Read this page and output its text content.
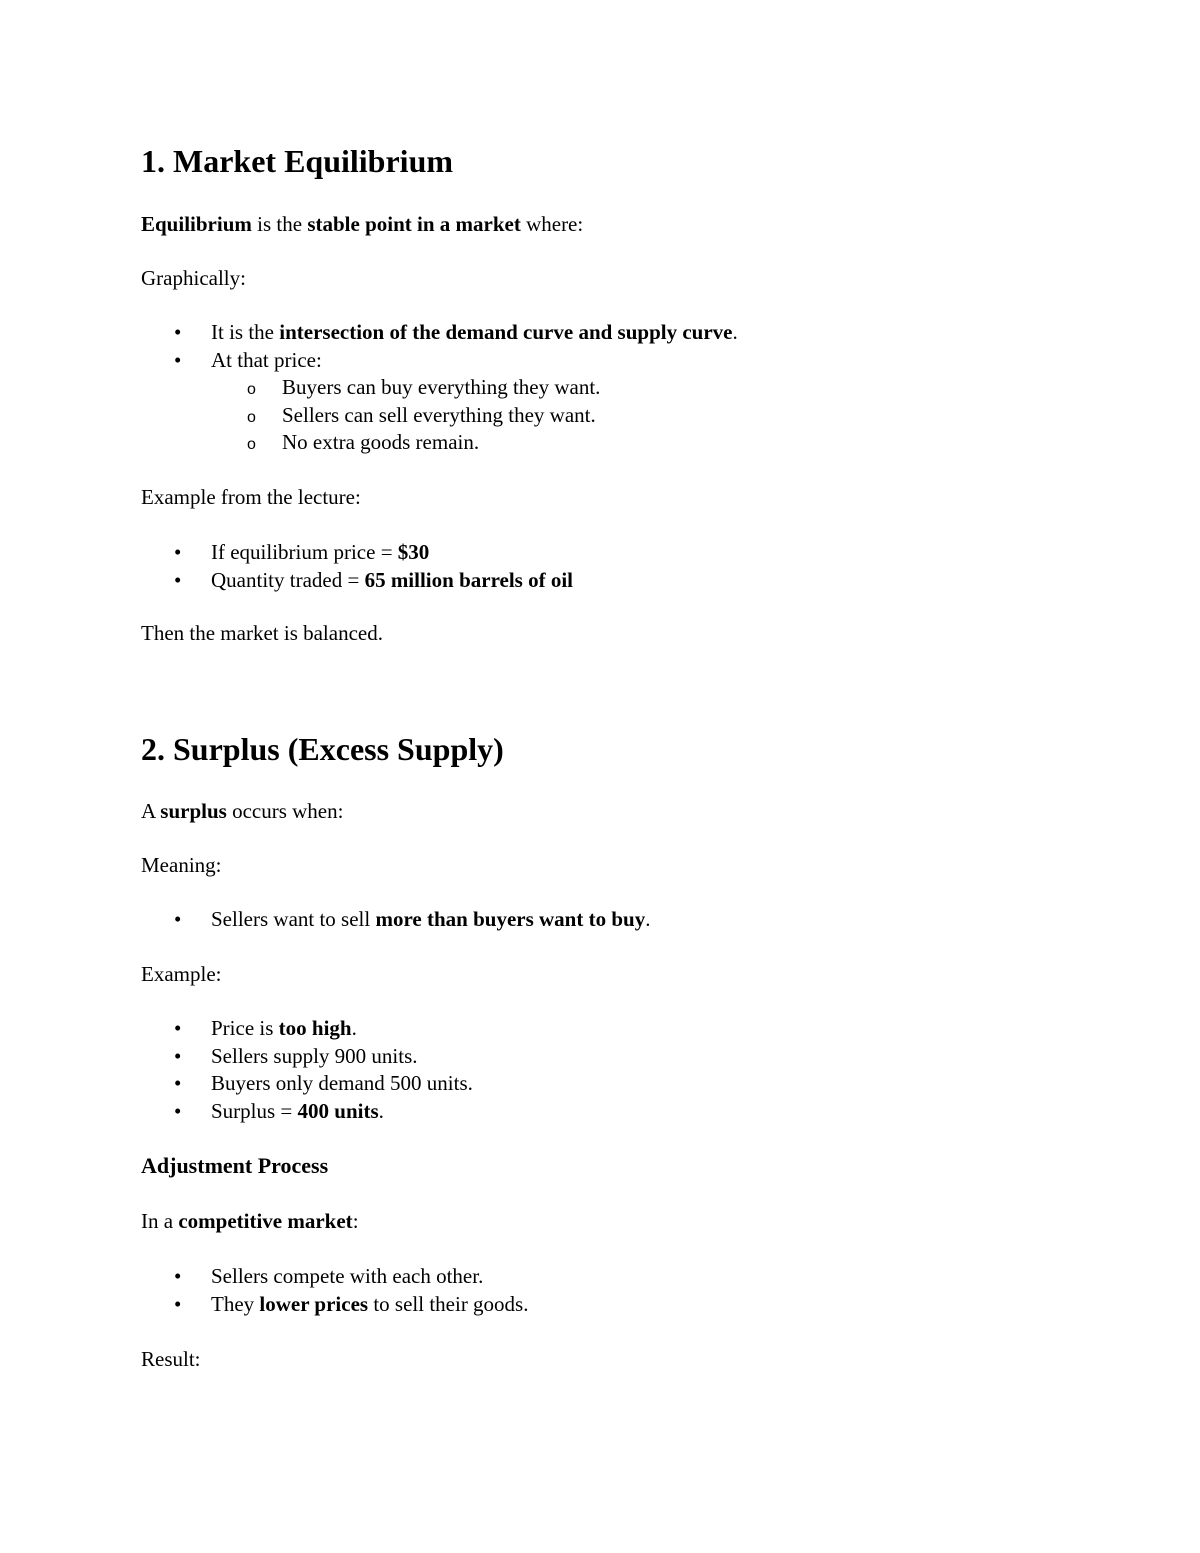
1. Market Equilibrium

Equilibrium is the stable point in a market where:

Graphically:

• It is the intersection of the demand curve and supply curve.
• At that price:
o Buyers can buy everything they want.
o Sellers can sell everything they want.
o No extra goods remain.

Example from the lecture:

• If equilibrium price = $30
• Quantity traded = 65 million barrels of oil

Then the market is balanced.

2. Surplus (Excess Supply)

A surplus occurs when:

Meaning:

• Sellers want to sell more than buyers want to buy.

Example:

• Price is too high.
• Sellers supply 900 units.
• Buyers only demand 500 units.
• Surplus = 400 units.
Adjustment Process

In a competitive market:

• Sellers compete with each other.
• They lower prices to sell their goods.

Result:
